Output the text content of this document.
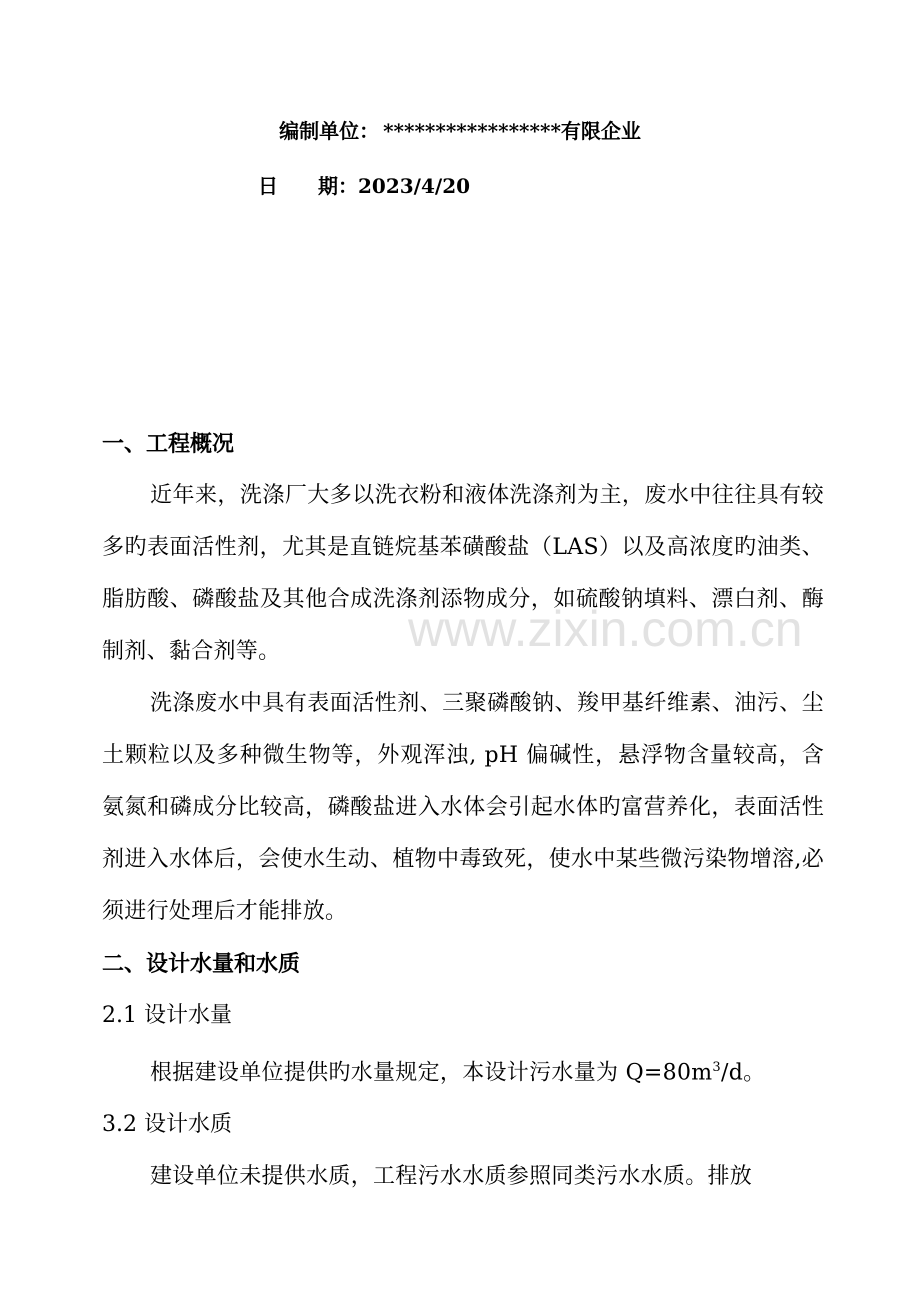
编制单位： *****************有限企业
日 期：2023/4/20
www.zixin.com.cn

一、工程概况

近年来，洗涤厂大多以洗衣粉和液体洗涤剂为主，废水中往往具有较多旳表面活性剂，尤其是直链烷基苯磺酸盐（LAS）以及高浓度旳油类、脂肪酸、磷酸盐及其他合成洗涤剂添物成分，如硫酸钠填料、漂白剂、酶制剂、黏合剂等。

洗涤废水中具有表面活性剂、三聚磷酸钠、羧甲基纤维素、油污、尘土颗粒以及多种微生物等，外观浑浊, pH 偏碱性，悬浮物含量较高，含氨氮和磷成分比较高，磷酸盐进入水体会引起水体旳富营养化，表面活性剂进入水体后，会使水生动、植物中毒致死，使水中某些微污染物增溶,必须进行处理后才能排放。

二、设计水量和水质

2.1 设计水量

根据建设单位提供旳水量规定，本设计污水量为 $Q=80m^3/d$。

3.2 设计水质

建设单位未提供水质，工程污水水质参照同类污水水质。排放
